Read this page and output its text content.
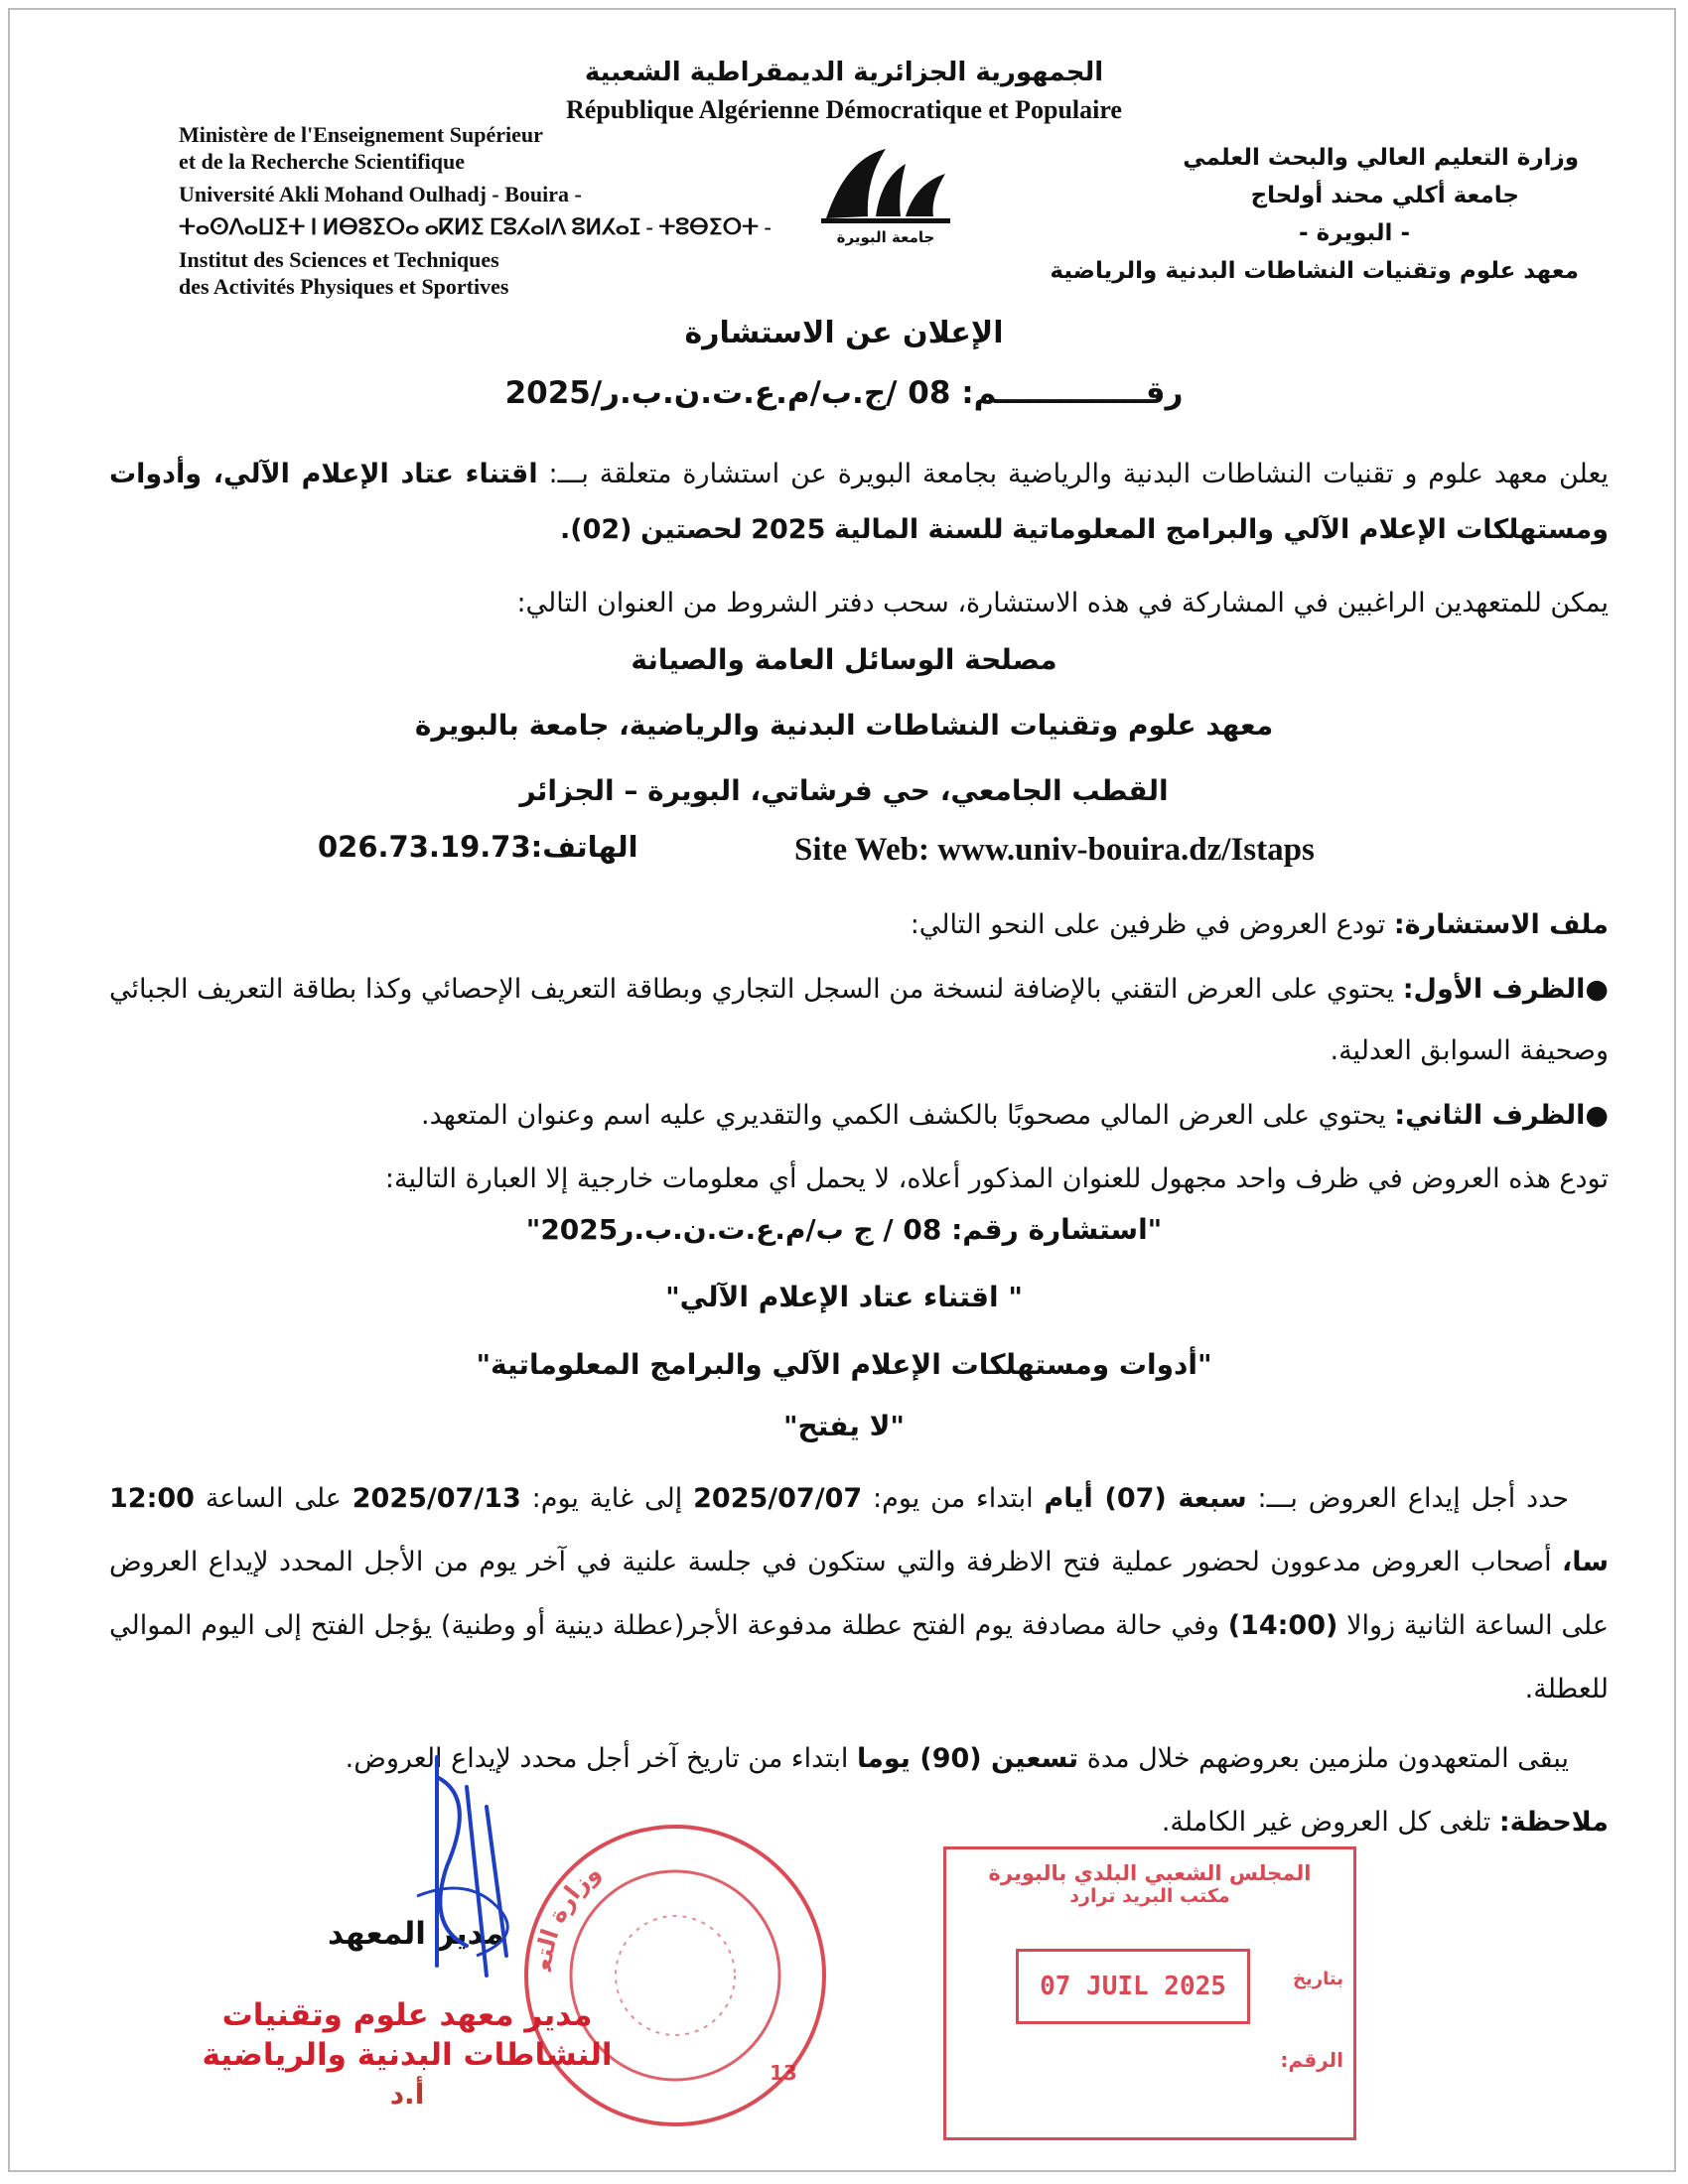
الجمهورية الجزائرية الديمقراطية الشعبية
République Algérienne Démocratique et Populaire
Ministère de l'Enseignement Supérieur
et de la Recherche Scientifique
Université Akli Mohand Oulhadj - Bouira -
ⵜⴰⵙⴷⴰⵡⵉⵜ ⵏ ⵍⴱⵓⵉⵔⴰ ⴰⴽⵍⵉ ⵎⵓⵃⴰⵏⴷ ⵓⵍⵃⴰⵊ - ⵜⵓⴱⵉⵔⵜ -
Institut des Sciences et Techniques
des Activités Physiques et Sportives
جامعة البويرة
وزارة التعليم العالي والبحث العلمي
جامعة أكلي محند أولحاج
- البويرة -
معهد علوم وتقنيات النشاطات البدنية والرياضية
الإعلان عن الاستشارة
رقــــــــــــــم: 08 /ج.ب/م.ع.ت.ن.ب.ر/2025
يعلن معهد علوم و تقنيات النشاطات البدنية والرياضية بجامعة البويرة عن استشارة متعلقة بـــ: اقتناء عتاد الإعلام الآلي، وأدوات ومستهلكات الإعلام الآلي والبرامج المعلوماتية للسنة المالية 2025 لحصتين (02).
يمكن للمتعهدين الراغبين في المشاركة في هذه الاستشارة، سحب دفتر الشروط من العنوان التالي:
مصلحة الوسائل العامة والصيانة
معهد علوم وتقنيات النشاطات البدنية والرياضية، جامعة بالبويرة
القطب الجامعي، حي فرشاتي، البويرة – الجزائر
الهاتف:026.73.19.73	Site Web: www.univ-bouira.dz/Istaps
ملف الاستشارة: تودع العروض في ظرفين على النحو التالي:
●الظرف الأول: يحتوي على العرض التقني بالإضافة لنسخة من السجل التجاري وبطاقة التعريف الإحصائي وكذا بطاقة التعريف الجبائي وصحيفة السوابق العدلية.
●الظرف الثاني: يحتوي على العرض المالي مصحوبًا بالكشف الكمي والتقديري عليه اسم وعنوان المتعهد.
تودع هذه العروض في ظرف واحد مجهول للعنوان المذكور أعلاه، لا يحمل أي معلومات خارجية إلا العبارة التالية:
"استشارة رقم: 08 / ج ب/م.ع.ت.ن.ب.ر2025"
" اقتناء عتاد الإعلام الآلي"
"أدوات ومستهلكات الإعلام الآلي والبرامج المعلوماتية"
"لا يفتح"
حدد أجل إيداع العروض بـــ: سبعة (07) أيام ابتداء من يوم: 2025/07/07 إلى غاية يوم: 2025/07/13 على الساعة 12:00 سا، أصحاب العروض مدعوون لحضور عملية فتح الاظرفة والتي ستكون في جلسة علنية في آخر يوم من الأجل المحدد لإيداع العروض على الساعة الثانية زوالا (14:00) وفي حالة مصادفة يوم الفتح عطلة مدفوعة الأجر(عطلة دينية أو وطنية) يؤجل الفتح إلى اليوم الموالي للعطلة.
يبقى المتعهدون ملزمين بعروضهم خلال مدة تسعين (90) يوما ابتداء من تاريخ آخر أجل محدد لإيداع العروض.
ملاحظة: تلغى كل العروض غير الكاملة.
وزارة التع
13
المجلس الشعبي البلدي بالبويرة
مكتب البريد ترارد
07 JUIL 2025	بتاريخ
الرقم:
مدير المعهد
مدير معهد علوم وتقنيات
النشاطات البدنية والرياضية
أ.د
